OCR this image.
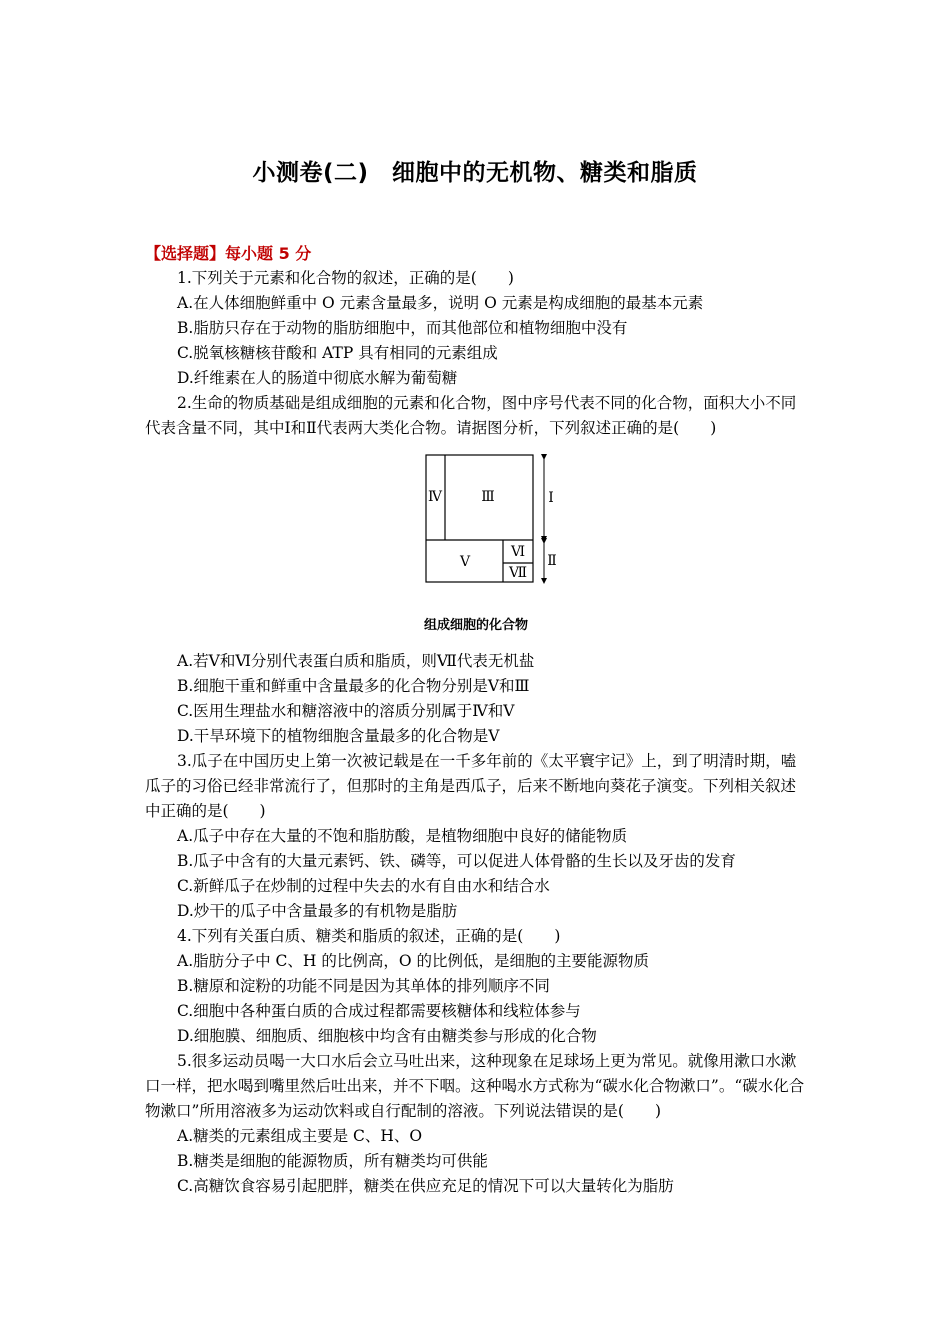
小测卷(二)　细胞中的无机物、糖类和脂质
【选择题】每小题 5 分

1.下列关于元素和化合物的叙述，正确的是(　　)

A.在人体细胞鲜重中 O 元素含量最多，说明 O 元素是构成细胞的最基本元素

B.脂肪只存在于动物的脂肪细胞中，而其他部位和植物细胞中没有

C.脱氧核糖核苷酸和 ATP 具有相同的元素组成

D.纤维素在人的肠道中彻底水解为葡萄糖

2.生命的物质基础是组成细胞的元素和化合物，图中序号代表不同的化合物，面积大小不同代表含量不同，其中Ⅰ和Ⅱ代表两大类化合物。请据图分析，下列叙述正确的是(　　)

Ⅳ	Ⅲ
Ⅴ
Ⅵ
Ⅶ
Ⅰ
Ⅱ
组成细胞的化合物

A.若Ⅴ和Ⅵ分别代表蛋白质和脂质，则Ⅶ代表无机盐

B.细胞干重和鲜重中含量最多的化合物分别是Ⅴ和Ⅲ

C.医用生理盐水和糖溶液中的溶质分别属于Ⅳ和Ⅴ

D.干旱环境下的植物细胞含量最多的化合物是Ⅴ

3.瓜子在中国历史上第一次被记载是在一千多年前的《太平寰宇记》上，到了明清时期，嗑瓜子的习俗已经非常流行了，但那时的主角是西瓜子，后来不断地向葵花子演变。下列相关叙述中正确的是(　　)

A.瓜子中存在大量的不饱和脂肪酸，是植物细胞中良好的储能物质

B.瓜子中含有的大量元素钙、铁、磷等，可以促进人体骨骼的生长以及牙齿的发育

C.新鲜瓜子在炒制的过程中失去的水有自由水和结合水

D.炒干的瓜子中含量最多的有机物是脂肪

4.下列有关蛋白质、糖类和脂质的叙述，正确的是(　　)

A.脂肪分子中 C、H 的比例高，O 的比例低，是细胞的主要能源物质

B.糖原和淀粉的功能不同是因为其单体的排列顺序不同

C.细胞中各种蛋白质的合成过程都需要核糖体和线粒体参与

D.细胞膜、细胞质、细胞核中均含有由糖类参与形成的化合物

5.很多运动员喝一大口水后会立马吐出来，这种现象在足球场上更为常见。就像用漱口水漱口一样，把水喝到嘴里然后吐出来，并不下咽。这种喝水方式称为“碳水化合物漱口”。“碳水化合物漱口”所用溶液多为运动饮料或自行配制的溶液。下列说法错误的是(　　)

A.糖类的元素组成主要是 C、H、O

B.糖类是细胞的能源物质，所有糖类均可供能

C.高糖饮食容易引起肥胖，糖类在供应充足的情况下可以大量转化为脂肪
